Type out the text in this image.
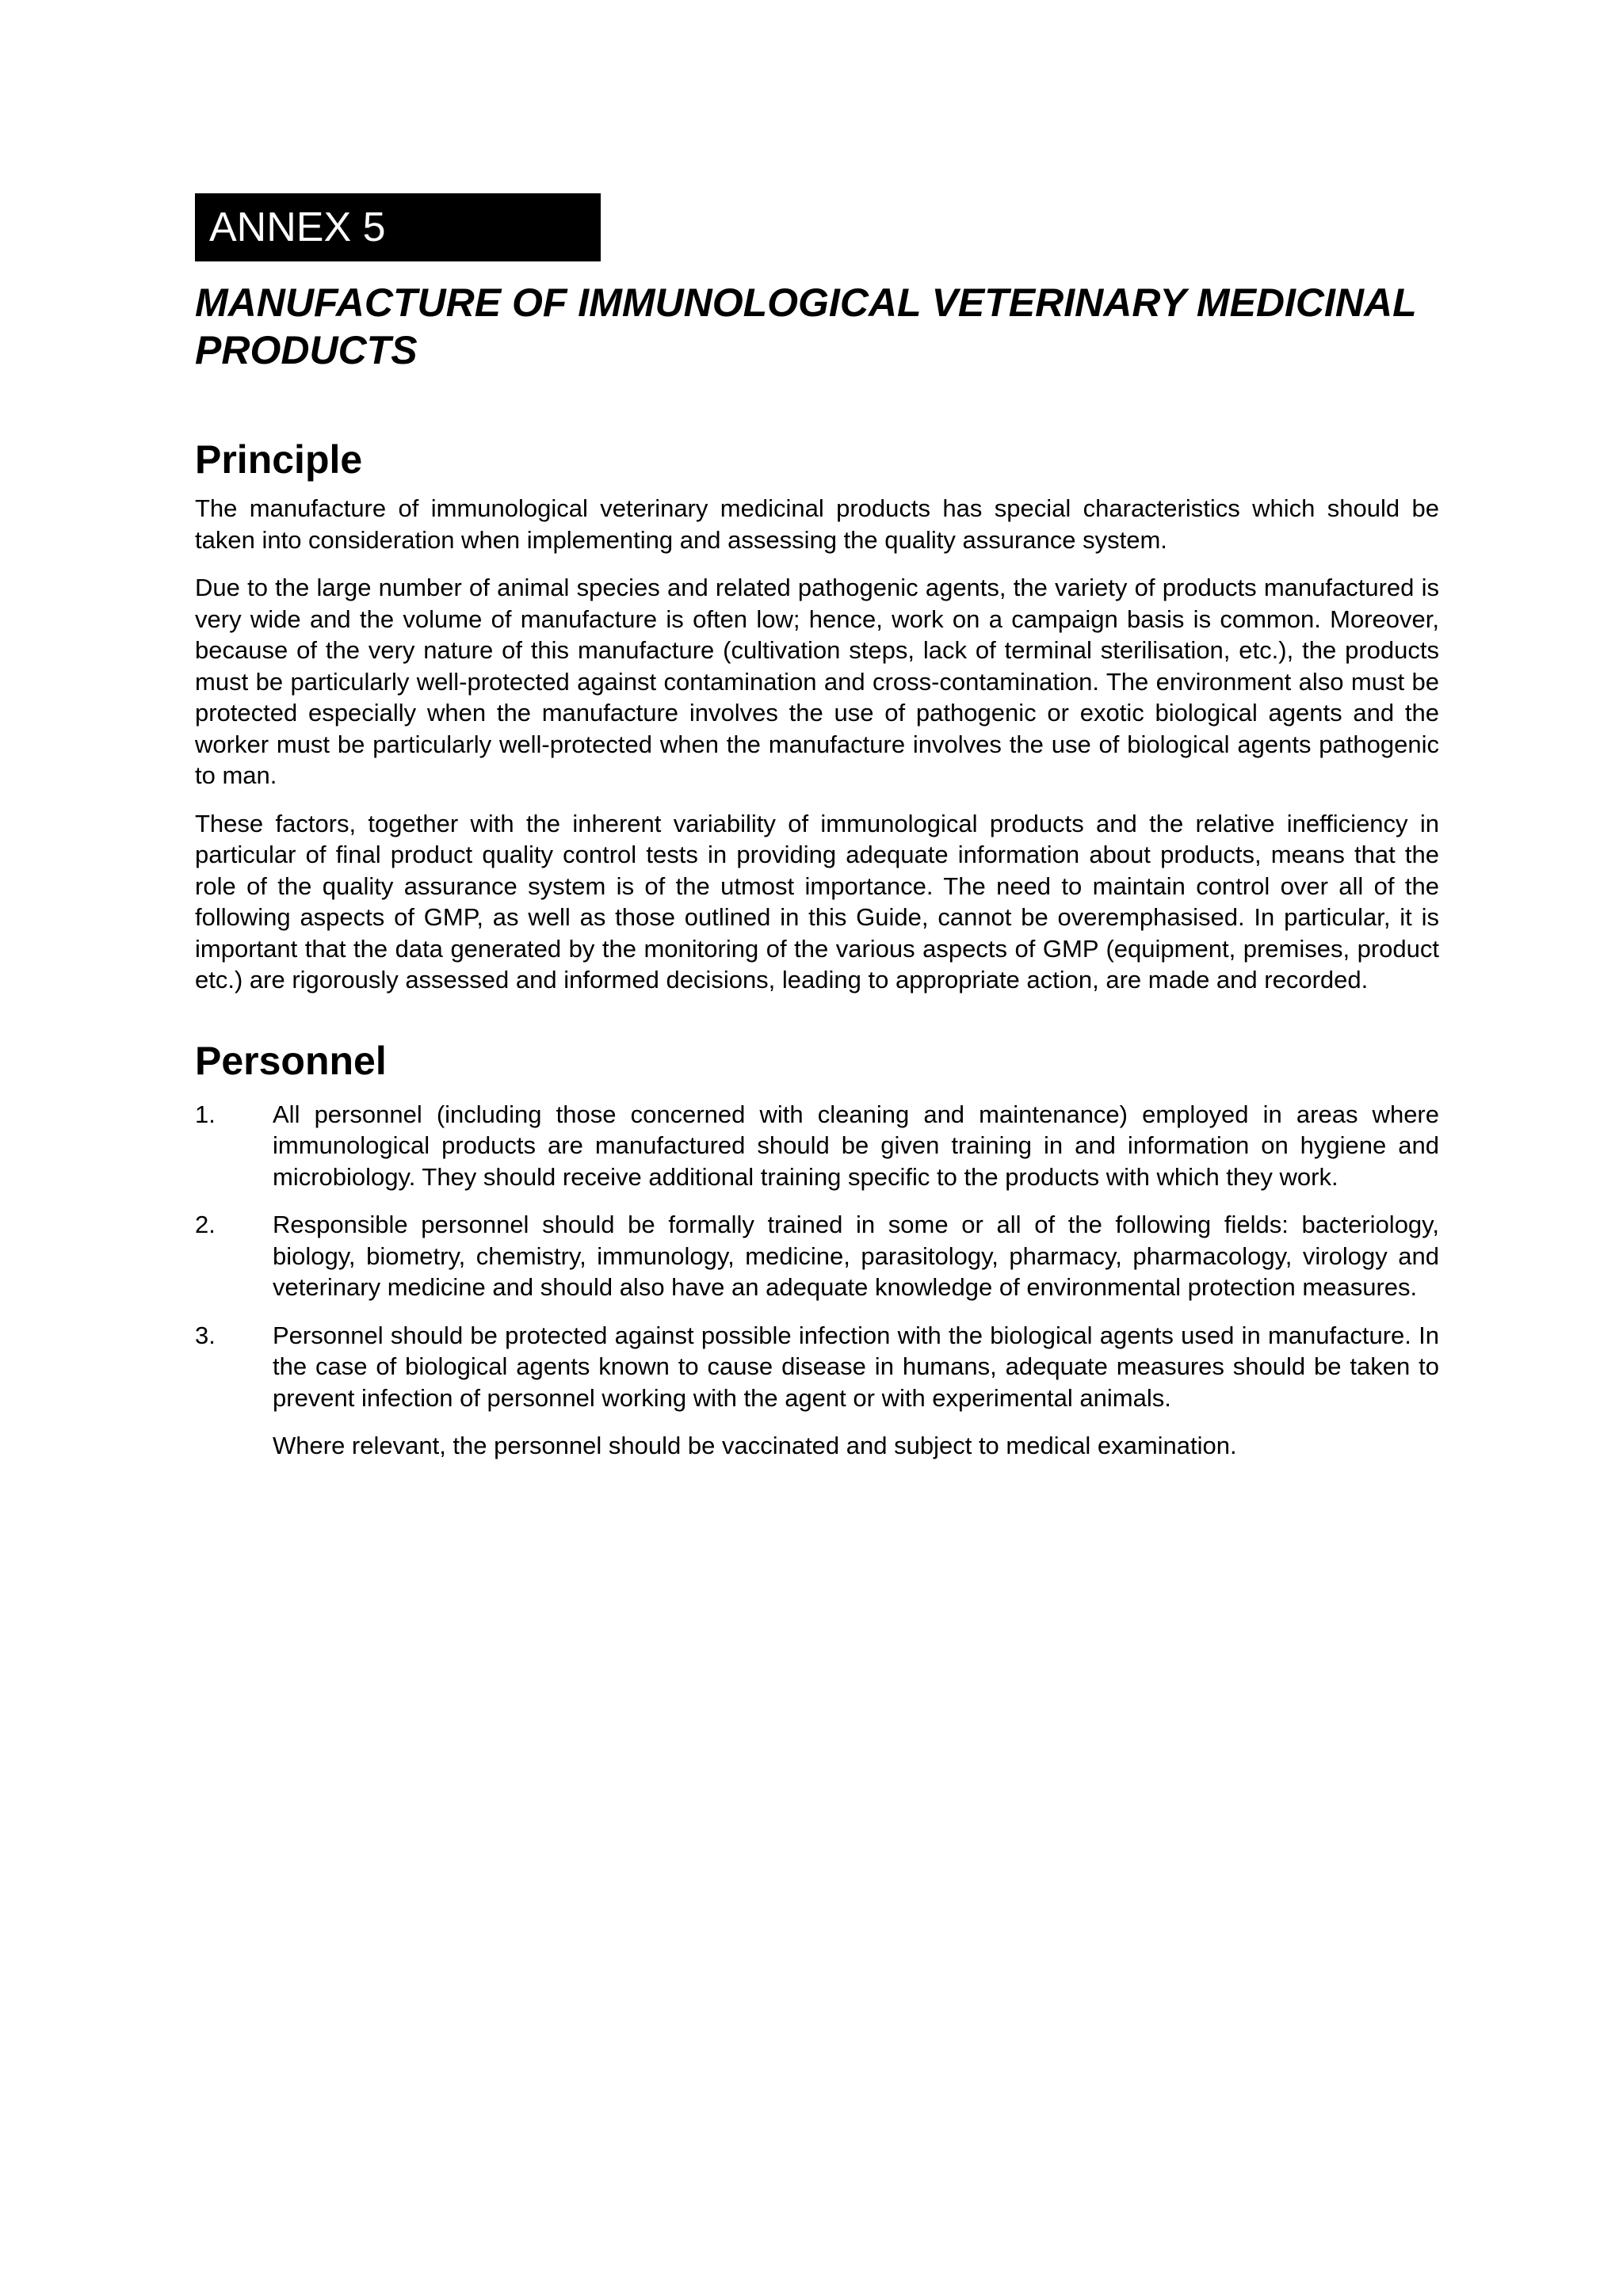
ANNEX 5
MANUFACTURE OF IMMUNOLOGICAL VETERINARY MEDICINAL PRODUCTS
Principle

The manufacture of immunological veterinary medicinal products has special characteristics which should be taken into consideration when implementing and assessing the quality assurance system.

Due to the large number of animal species and related pathogenic agents, the variety of products manufactured is very wide and the volume of manufacture is often low; hence, work on a campaign basis is common. Moreover, because of the very nature of this manufacture (cultivation steps, lack of terminal sterilisation, etc.), the products must be particularly well-protected against contamination and cross-contamination. The environment also must be protected especially when the manufacture involves the use of pathogenic or exotic biological agents and the worker must be particularly well-protected when the manufacture involves the use of biological agents pathogenic to man.

These factors, together with the inherent variability of immunological products and the relative inefficiency in particular of final product quality control tests in providing adequate information about products, means that the role of the quality assurance system is of the utmost importance. The need to maintain control over all of the following aspects of GMP, as well as those outlined in this Guide, cannot be overemphasised. In particular, it is important that the data generated by the monitoring of the various aspects of GMP (equipment, premises, product etc.) are rigorously assessed and informed decisions, leading to appropriate action, are made and recorded.

Personnel
1.	All personnel (including those concerned with cleaning and maintenance) employed in areas where immunological products are manufactured should be given training in and information on hygiene and microbiology. They should receive additional training specific to the products with which they work.
2.	Responsible personnel should be formally trained in some or all of the following fields: bacteriology, biology, biometry, chemistry, immunology, medicine, parasitology, pharmacy, pharmacology, virology and veterinary medicine and should also have an adequate knowledge of environmental protection measures.
3.	Personnel should be protected against possible infection with the biological agents used in manufacture. In the case of biological agents known to cause disease in humans, adequate measures should be taken to prevent infection of personnel working with the agent or with experimental animals.
Where relevant, the personnel should be vaccinated and subject to medical examination.
